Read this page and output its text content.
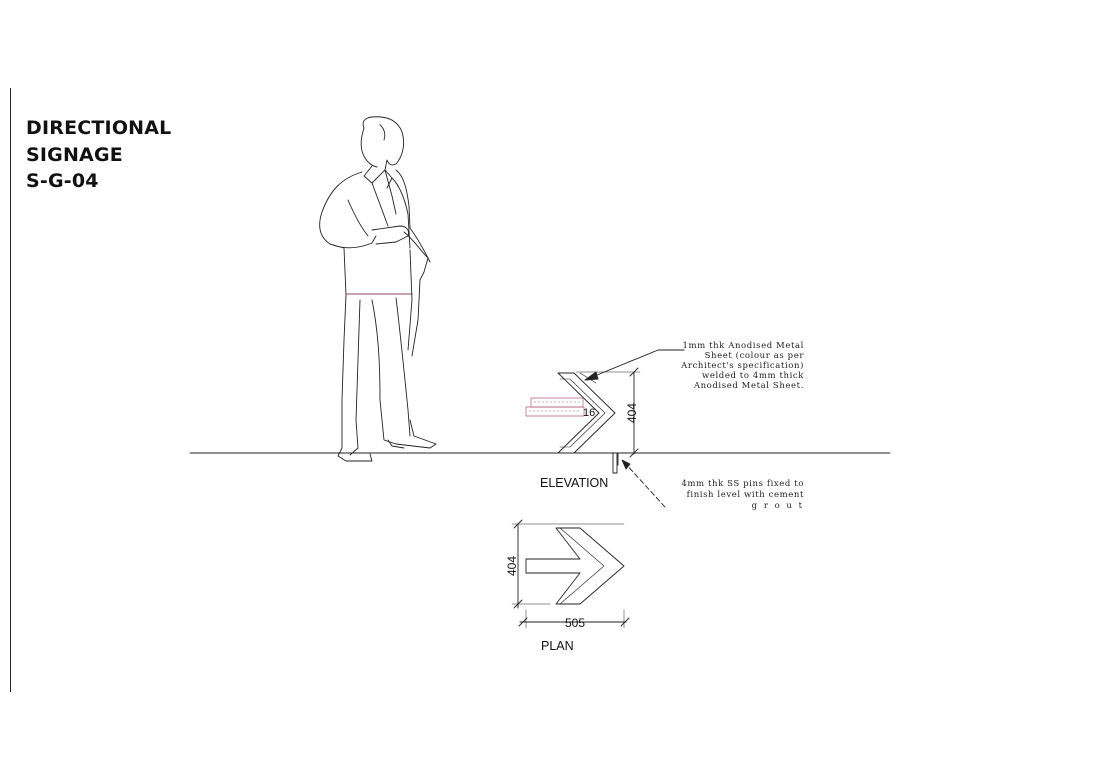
DIRECTIONAL
SIGNAGE
S-G-04
16 404
ELEVATION
1mm thk Anodised Metal
Sheet (colour as per
Architect's specification)
welded to 4mm thick
Anodised Metal Sheet.
4mm thk SS pins fixed to
finish level with cement
g r o u t
404
505
PLAN
